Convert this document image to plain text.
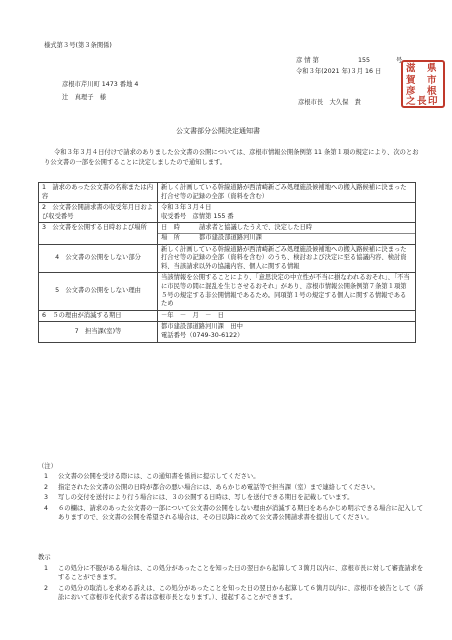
様式第３号(第３条関係)
彦 情 第	155	号
令和３年(2021 年)３月 16 日
彦根市芹川町 1473 番地 4
辻　真理子　様
彦根市長　大久保　貴
滋 県
賀 市
彦 根
之 長 印
公文書部分公開決定通知書
令和３年３月４日付けで請求のありました公文書の公開については、彦根市情報公開条例第 11 条第１項の規定により、次のとおり公文書の一部を公開することに決定しましたので通知します。
1　 請求のあった公文書の名称または内容	新しく計画している幹線道路が西清崎新ごみ処理施設候補地への搬入路候補に決まった打合せ等の記録の全部（資料を含む）
2　 公文書公開請求書の収受年月日および収受番号	令和３年３月４日
収受番号　彦情第 155 番

3　 公文書を公開する日時および場所	日　時 請求者と協議したうえで、決定した日時
場　所 都市建設部道路河川課

4　 公文書の公開をしない部分	新しく計画している幹線道路が西清崎新ごみ処理施設候補地への搬入路候補に決まった打合せ等の記録の全部（資料を含む）のうち、検討および決定に至る協議内容、検討資料、当該請求以外の協議内容、個人に関する情報
5　 公文書の公開をしない理由	当該情報を公開することにより、「意思決定の中立性が不当に損なわれるおそれ」、「不当に市民等の間に混乱を生じさせるおそれ」があり、彦根市情報公開条例第７条第１項第５号の規定する非公開情報であるため。同項第１号の規定する個人に関する情報であるため
6　 ５の理由が消滅する期日	－年　－　月　－　日
7　 担当課(室)等	都市建設部道路河川課　田中
電話番号（0749-30-6122）
（注）
1	公文書の公開を受ける際には、この通知書を係員に提示してください。
2	指定された公文書の公開の日時が都合の悪い場合には、あらかじめ電話等で担当課（室）まで連絡してください。
3	写しの交付を送付により行う場合には、３の公開する日時は、写しを送付できる期日を記載しています。
4	６の欄は、請求のあった公文書の一部について公文書の公開をしない理由が消滅する期日をあらかじめ明示できる場合に記入してありますので、公文書の公開を希望される場合は、その日以降に改めて公文書公開請求書を提出してください。
教示
1	この処分に不服がある場合は、この処分があったことを知った日の翌日から起算して３箇月以内に、彦根市長に対して審査請求をすることができます。
2	この処分の取消しを求める訴えは、この処分があったことを知った日の翌日から起算して６箇月以内に、彦根市を被告として（訴訟において彦根市を代表する者は彦根市長となります。）、提起することができます。
